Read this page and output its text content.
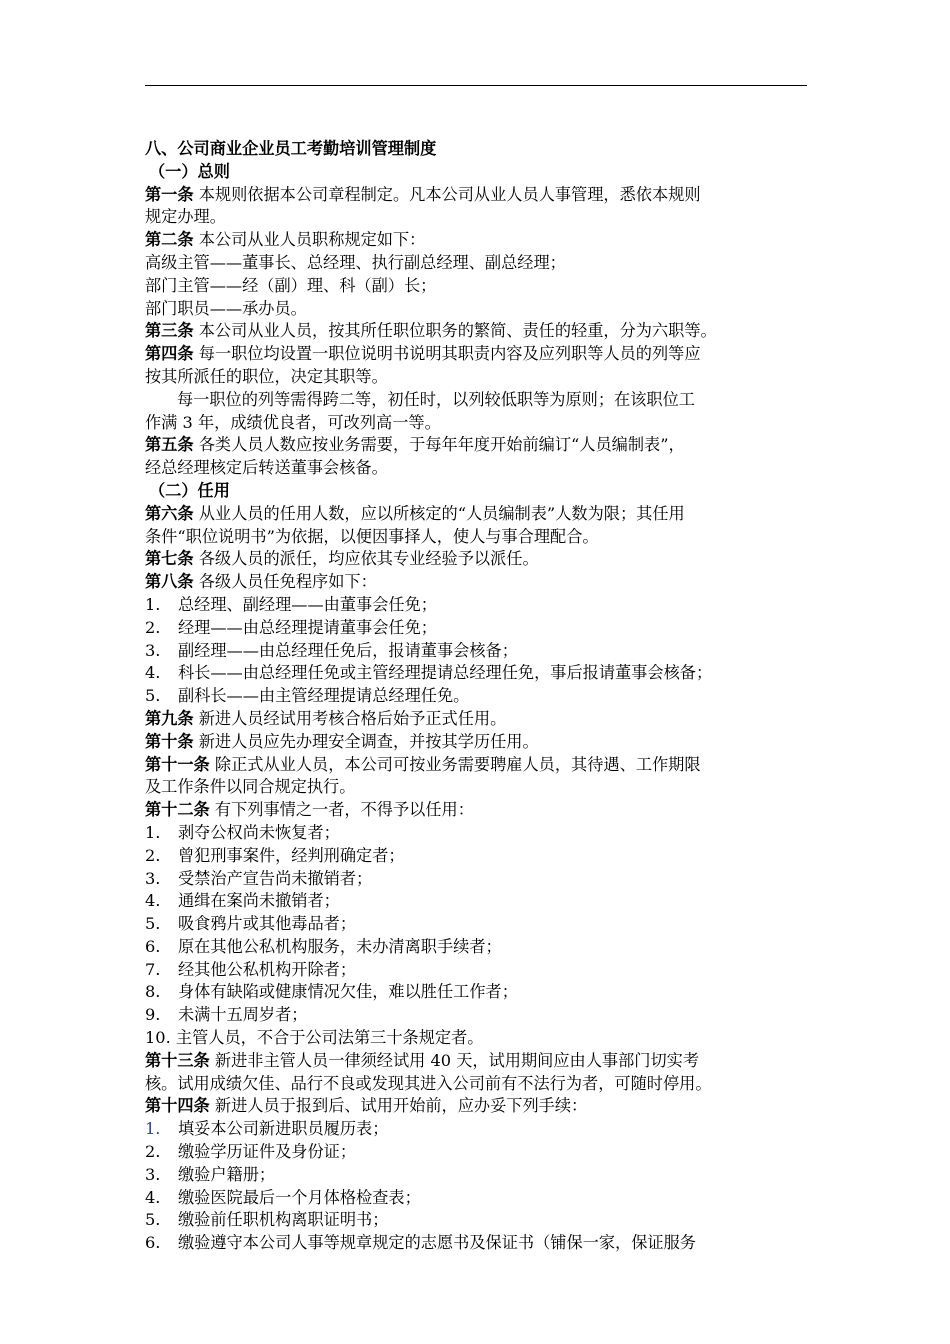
八、公司商业企业员工考勤培训管理制度
（一）总则
第一条 本规则依据本公司章程制定。凡本公司从业人员人事管理，悉依本规则
规定办理。
第二条 本公司从业人员职称规定如下：
高级主管——董事长、总经理、执行副总经理、副总经理；
部门主管——经（副）理、科（副）长；
部门职员——承办员。
第三条 本公司从业人员，按其所任职位职务的繁简、责任的轻重，分为六职等。
第四条 每一职位均设置一职位说明书说明其职责内容及应列职等人员的列等应
按其所派任的职位，决定其职等。
每一职位的列等需得跨二等，初任时，以列较低职等为原则；在该职位工
作满 3 年，成绩优良者，可改列高一等。
第五条 各类人员人数应按业务需要，于每年年度开始前编订“人员编制表”，
经总经理核定后转送董事会核备。
（二）任用
第六条 从业人员的任用人数，应以所核定的“人员编制表”人数为限；其任用
条件“职位说明书”为依据，以便因事择人，使人与事合理配合。
第七条 各级人员的派任，均应依其专业经验予以派任。
第八条 各级人员任免程序如下：
1. 总经理、副经理——由董事会任免；
2. 经理——由总经理提请董事会任免；
3. 副经理——由总经理任免后，报请董事会核备；
4. 科长——由总经理任免或主管经理提请总经理任免，事后报请董事会核备；
5. 副科长——由主管经理提请总经理任免。
第九条 新进人员经试用考核合格后始予正式任用。
第十条 新进人员应先办理安全调查，并按其学历任用。
第十一条 除正式从业人员，本公司可按业务需要聘雇人员，其待遇、工作期限
及工作条件以同合规定执行。
第十二条 有下列事情之一者，不得予以任用：
1. 剥夺公权尚未恢复者；
2. 曾犯刑事案件，经判刑确定者；
3. 受禁治产宣告尚未撤销者；
4. 通缉在案尚未撤销者；
5. 吸食鸦片或其他毒品者；
6. 原在其他公私机构服务，未办清离职手续者；
7. 经其他公私机构开除者；
8. 身体有缺陷或健康情况欠佳，难以胜任工作者；
9. 未满十五周岁者；
10. 主管人员，不合于公司法第三十条规定者。
第十三条 新进非主管人员一律须经试用 40 天，试用期间应由人事部门切实考
核。试用成绩欠佳、品行不良或发现其进入公司前有不法行为者，可随时停用。
第十四条 新进人员于报到后、试用开始前，应办妥下列手续：
1. 填妥本公司新进职员履历表；
2. 缴验学历证件及身份证；
3. 缴验户籍册；
4. 缴验医院最后一个月体格检查表；
5. 缴验前任职机构离职证明书；
6. 缴验遵守本公司人事等规章规定的志愿书及保证书（铺保一家，保证服务
